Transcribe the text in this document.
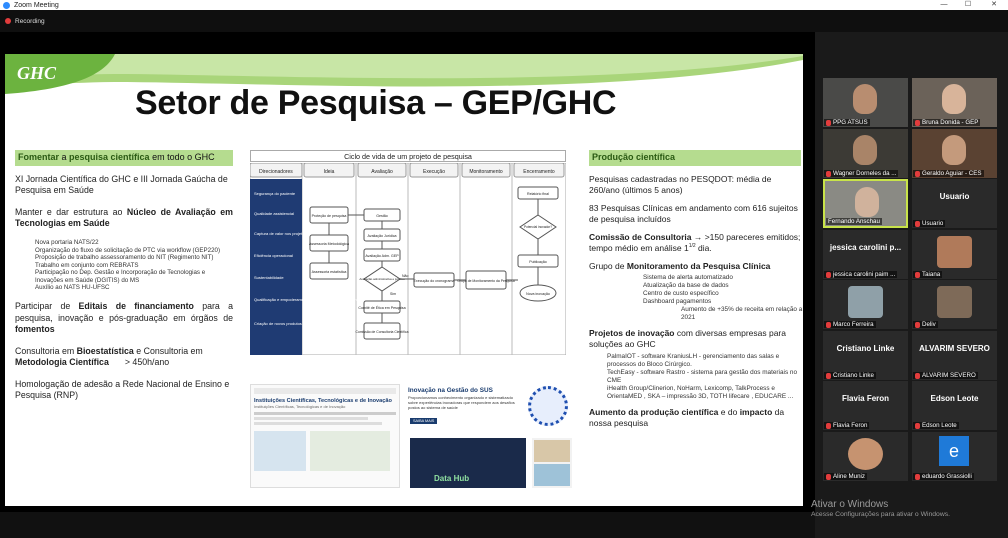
Zoom Meeting	—	☐	✕
Recording
GHC
Setor de Pesquisa – GEP/GHC
Fomentar a pesquisa científica em todo o GHC
XI Jornada Científica do GHC e III Jornada Gaúcha de Pesquisa em Saúde
Manter e dar estrutura ao Núcleo de Avaliação em Tecnologias em Saúde
Nova portaria NATS/22
Organização do fluxo de solicitação de PTC via workflow (GEP220)
Proposição de trabalho assessoramento do NIT (Regimento NIT)
Trabalho em conjunto com REBRATS
Participação no Dep. Gestão e Incorporação de Tecnologias e Inovações em Saúde (DGITIS) do MS
Auxílio ao NATS HU-UFSC
Participar de Editais de financiamento para a pesquisa, inovação e pós-graduação em órgãos de fomentos
Consultoria em Bioestatística e Consultoria em Metodologia Científica > 450h/ano
Homologação de adesão a Rede Nacional de Ensino e Pesquisa (RNP)
Ciclo de vida de um projeto de pesquisa
Direcionadores	Ideia	Avaliação	Execução	Monitoramento	Encerramento
Segurança do paciente
Qualidade assistencial
Captura de valor nos projetos
Eficiência operacional
Sustentabilidade
Qualificação e empoderamento dos empregados e gestores
Criação de novos produtos
Proteção de pesquisa
Assessoria Metodológica
Assessoria estatística
Gestão
Avaliação Jurídica
Avaliação Adm. GEP
Avaliação administrativa e jurídica
Sim
Não
Comitê de Ética em Pesquisa
Comissão de Consultoria Científica
Execução do cronograma Grupo de Monitoramento da Pesquisa
Relatório final
Potencial inovador?
Publicação
Nova inovação
Instituições Científicas, Tecnológicas e de Inovação
Instituições Científicas, Tecnológicas e de Inovação
Inovação na Gestão do SUS
Proporcionamos conhecimento organizado e sistematizado sobre experiências inovadoras que respondem aos desafios postos ao sistema de saúde
SAIBA MAIS
Data Hub
Produção científica
Pesquisas cadastradas no PESQDOT: média de 260/ano (últimos 5 anos)
83 Pesquisas Clínicas em andamento com 616 sujeitos de pesquisa incluídos
Comissão de Consultoria → >150 pareceres emitidos; tempo médio em análise $1^{1/2}$ dia.
Grupo de Monitoramento da Pesquisa Clínica
Sistema de alerta automatizado
Atualização da base de dados
Centro de custo específico
Dashboard pagamentos
Aumento de +35% de receita em relação a 2021
Projetos de inovação com diversas empresas para soluções ao GHC
PalmaIOT - software KraniusLH - gerenciamento das salas e processos do Bloco Cirúrgico.
TechEasy - software Rastro - sistema para gestão dos materiais no CME
iHealth Group/Clinerion, NoHarm, Lexicomp, TalkProcess e OrientaMED , SKA – impressão 3D, TOTH lifecare , EDUCARE ...
Aumento da produção científica e do impacto da nossa pesquisa
PPG ATSUS	Bruna Donida - GEP
Wagner Dorneles da ...	Geraldo Aguiar - CES
Fernando Anschau
Usuario
Usuario
jessica carolini p...
jessica carolini paim ...	Taiana
Marco Ferreira	Deliv
Cristiano Linke
Cristiano Linke
ALVARIM SEVERO
ALVARIM SEVERO
Flavia Feron
Flavia Feron
Edson Leote
Edson Leote
Aline Muniz
e
eduardo Grassiolli
Ativar o Windows
Acesse Configurações para ativar o Windows.
